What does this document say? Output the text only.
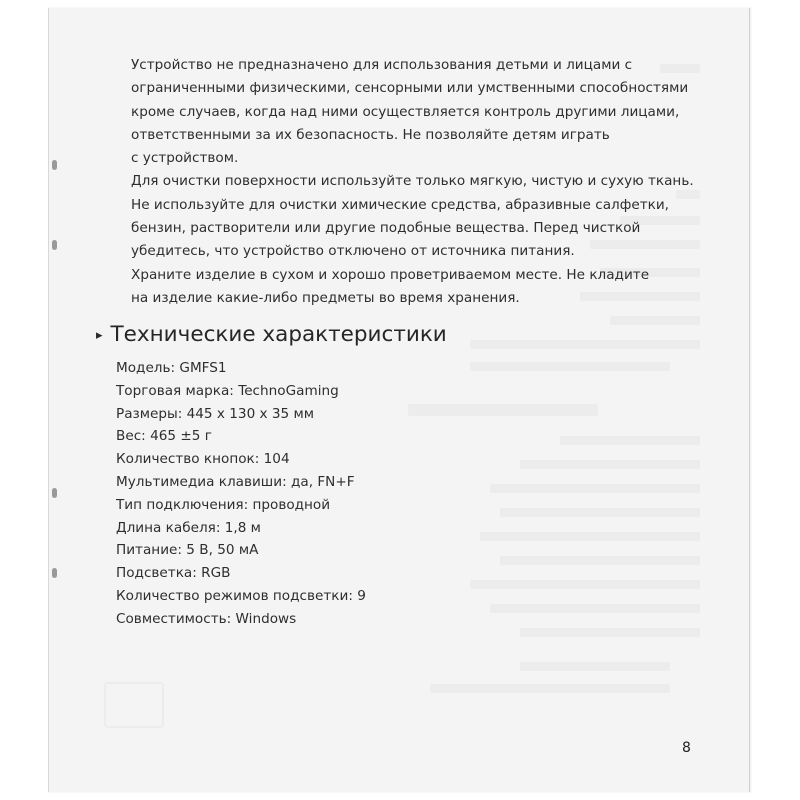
Устройство не предназначено для использования детьми и лицами с

ограниченными физическими, сенсорными или умственными способностями

кроме случаев, когда над ними осуществляется контроль другими лицами,

ответственными за их безопасность. Не позволяйте детям играть

с устройством.

Для очистки поверхности используйте только мягкую, чистую и сухую ткань.

Не используйте для очистки химические средства, абразивные салфетки,

бензин, растворители или другие подобные вещества. Перед чисткой

убедитесь, что устройство отключено от источника питания.

Храните изделие в сухом и хорошо проветриваемом месте. Не кладите

на изделие какие-либо предметы во время хранения.

▸ Технические характеристики
Модель: GMFS1
Торговая марка: TechnoGaming
Размеры: 445 х 130 х 35 мм
Вес: 465 ±5 г
Количество кнопок: 104
Мультимедиа клавиши: да, FN+F
Тип подключения: проводной
Длина кабеля: 1,8 м
Питание: 5 В, 50 мА
Подсветка: RGB
Количество режимов подсветки: 9
Совместимость: Windows
8
